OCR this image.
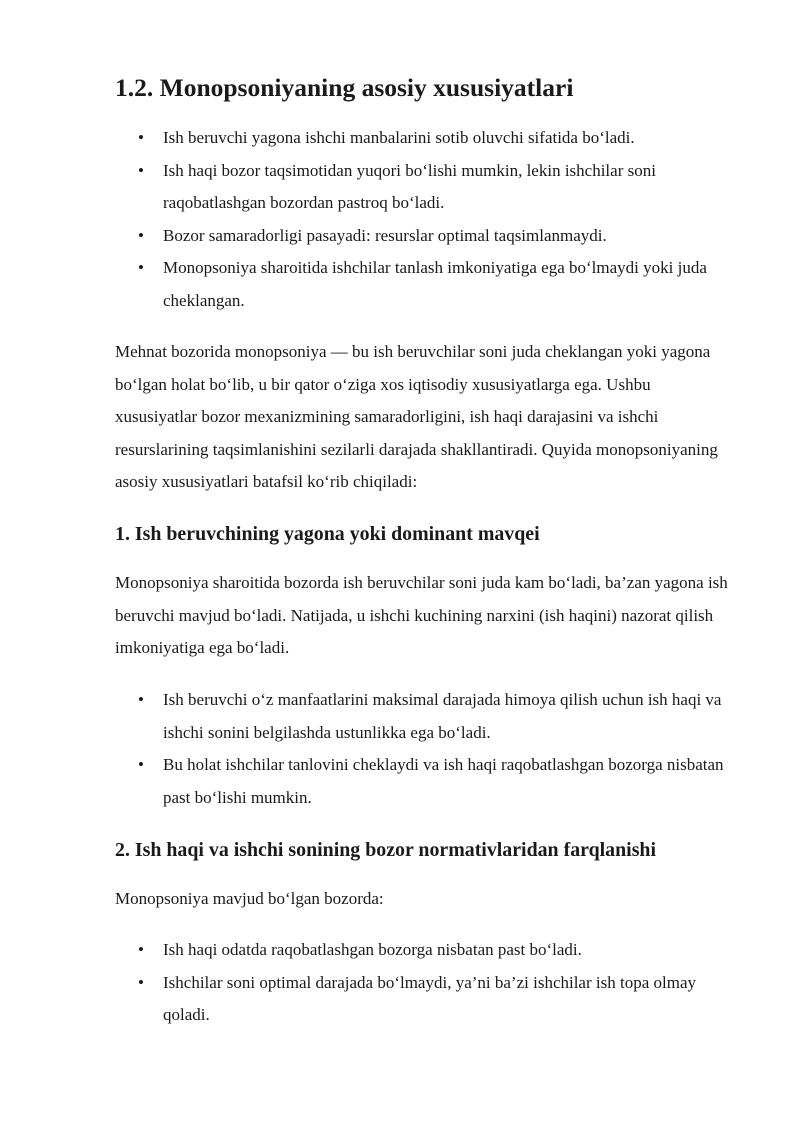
1.2. Monopsoniyaning asosiy xususiyatlari
• Ish beruvchi yagona ishchi manbalarini sotib oluvchi sifatida bo‘ladi.
• Ish haqi bozor taqsimotidan yuqori bo‘lishi mumkin, lekin ishchilar soni raqobatlashgan bozordan pastroq bo‘ladi.
• Bozor samaradorligi pasayadi: resurslar optimal taqsimlanmaydi.
• Monopsoniya sharoitida ishchilar tanlash imkoniyatiga ega bo‘lmaydi yoki juda cheklangan.

Mehnat bozorida monopsoniya — bu ish beruvchilar soni juda cheklangan yoki yagona bo‘lgan holat bo‘lib, u bir qator o‘ziga xos iqtisodiy xususiyatlarga ega. Ushbu xususiyatlar bozor mexanizmining samaradorligini, ish haqi darajasini va ishchi resurslarining taqsimlanishini sezilarli darajada shakllantiradi. Quyida monopsoniyaning asosiy xususiyatlari batafsil ko‘rib chiqiladi:

1. Ish beruvchining yagona yoki dominant mavqei

Monopsoniya sharoitida bozorda ish beruvchilar soni juda kam bo‘ladi, ba’zan yagona ish beruvchi mavjud bo‘ladi. Natijada, u ishchi kuchining narxini (ish haqini) nazorat qilish imkoniyatiga ega bo‘ladi.

• Ish beruvchi o‘z manfaatlarini maksimal darajada himoya qilish uchun ish haqi va ishchi sonini belgilashda ustunlikka ega bo‘ladi.
• Bu holat ishchilar tanlovini cheklaydi va ish haqi raqobatlashgan bozorga nisbatan past bo‘lishi mumkin.
2. Ish haqi va ishchi sonining bozor normativlaridan farqlanishi

Monopsoniya mavjud bo‘lgan bozorda:

• Ish haqi odatda raqobatlashgan bozorga nisbatan past bo‘ladi.
• Ishchilar soni optimal darajada bo‘lmaydi, ya’ni ba’zi ishchilar ish topa olmay qoladi.
